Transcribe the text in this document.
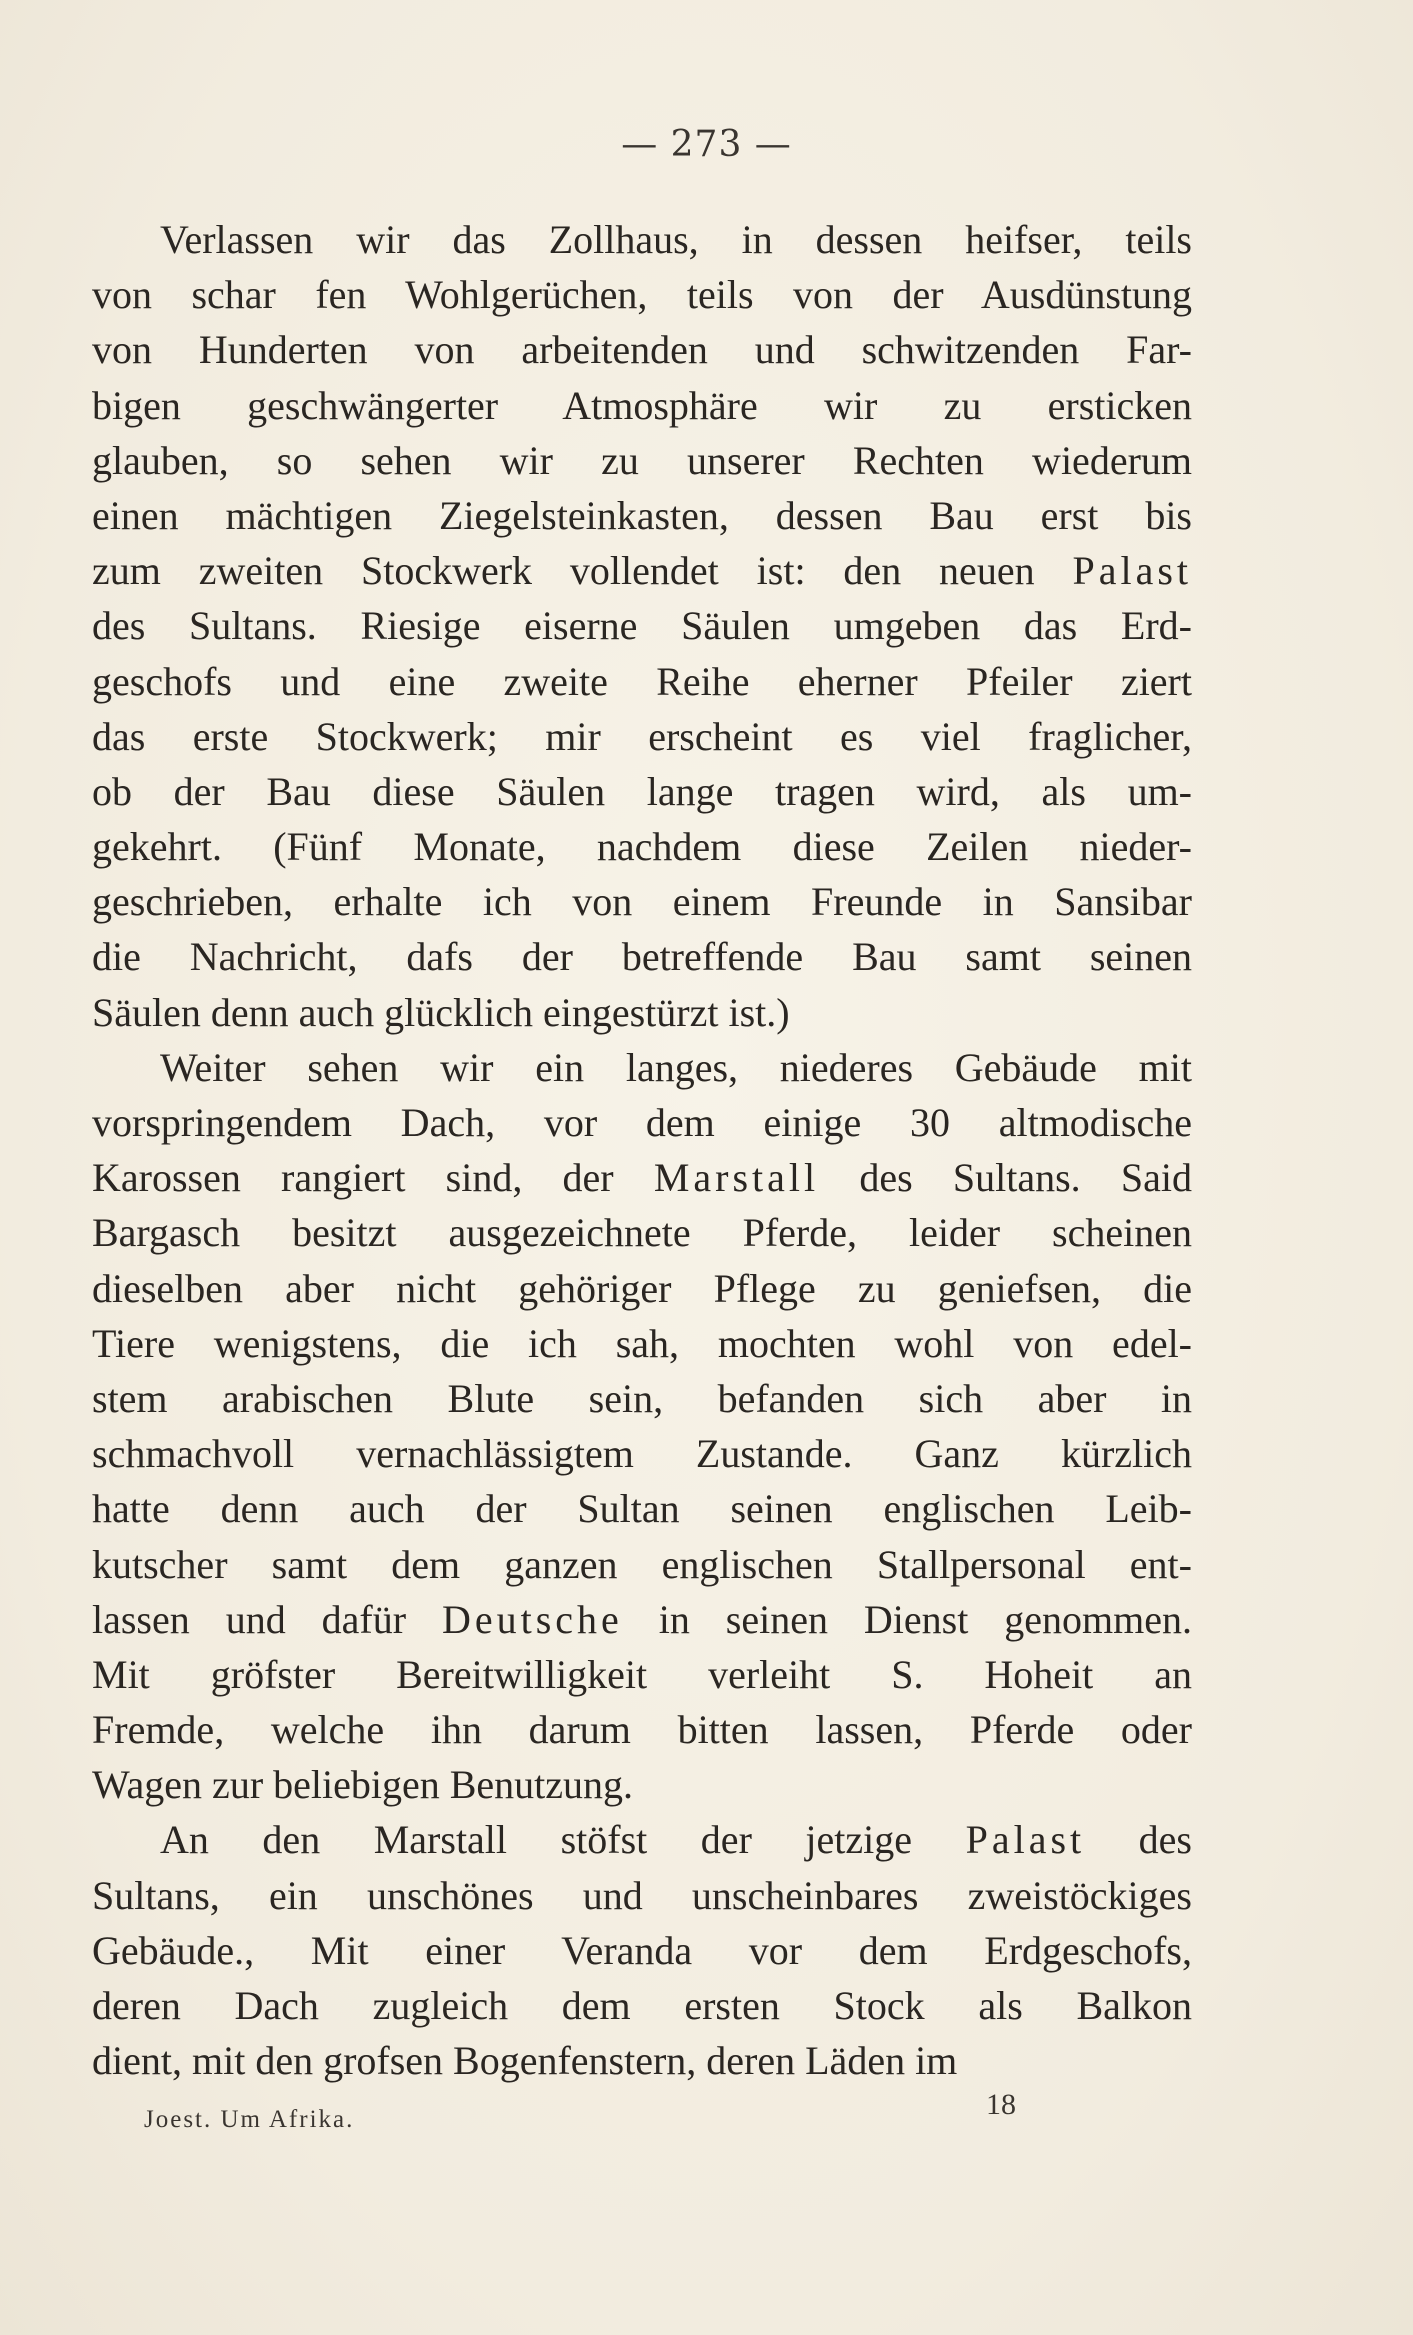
— 273 —
Verlassen wir das Zollhaus, in dessen heifser, teils
von schar fen Wohlgerüchen, teils von der Ausdünstung
von Hunderten von arbeitenden und schwitzenden Far-
bigen geschwängerter Atmosphäre wir zu ersticken
glauben, so sehen wir zu unserer Rechten wiederum
einen mächtigen Ziegelsteinkasten, dessen Bau erst bis
zum zweiten Stockwerk vollendet ist: den neuen Palast
des Sultans. Riesige eiserne Säulen umgeben das Erd-
geschofs und eine zweite Reihe eherner Pfeiler ziert
das erste Stockwerk; mir erscheint es viel fraglicher,
ob der Bau diese Säulen lange tragen wird, als um-
gekehrt. (Fünf Monate, nachdem diese Zeilen nieder-
geschrieben, erhalte ich von einem Freunde in Sansibar
die Nachricht, dafs der betreffende Bau samt seinen
Säulen denn auch glücklich eingestürzt ist.)
Weiter sehen wir ein langes, niederes Gebäude mit
vorspringendem Dach, vor dem einige 30 altmodische
Karossen rangiert sind, der Marstall des Sultans. Said
Bargasch besitzt ausgezeichnete Pferde, leider scheinen
dieselben aber nicht gehöriger Pflege zu geniefsen, die
Tiere wenigstens, die ich sah, mochten wohl von edel-
stem arabischen Blute sein, befanden sich aber in
schmachvoll vernachlässigtem Zustande. Ganz kürzlich
hatte denn auch der Sultan seinen englischen Leib-
kutscher samt dem ganzen englischen Stallpersonal ent-
lassen und dafür Deutsche in seinen Dienst genommen.
Mit gröfster Bereitwilligkeit verleiht S. Hoheit an
Fremde, welche ihn darum bitten lassen, Pferde oder
Wagen zur beliebigen Benutzung.
An den Marstall stöfst der jetzige Palast des
Sultans, ein unschönes und unscheinbares zweistöckiges
Gebäude., Mit einer Veranda vor dem Erdgeschofs,
deren Dach zugleich dem ersten Stock als Balkon
dient, mit den grofsen Bogenfenstern, deren Läden im
Joest. Um Afrika.	18
